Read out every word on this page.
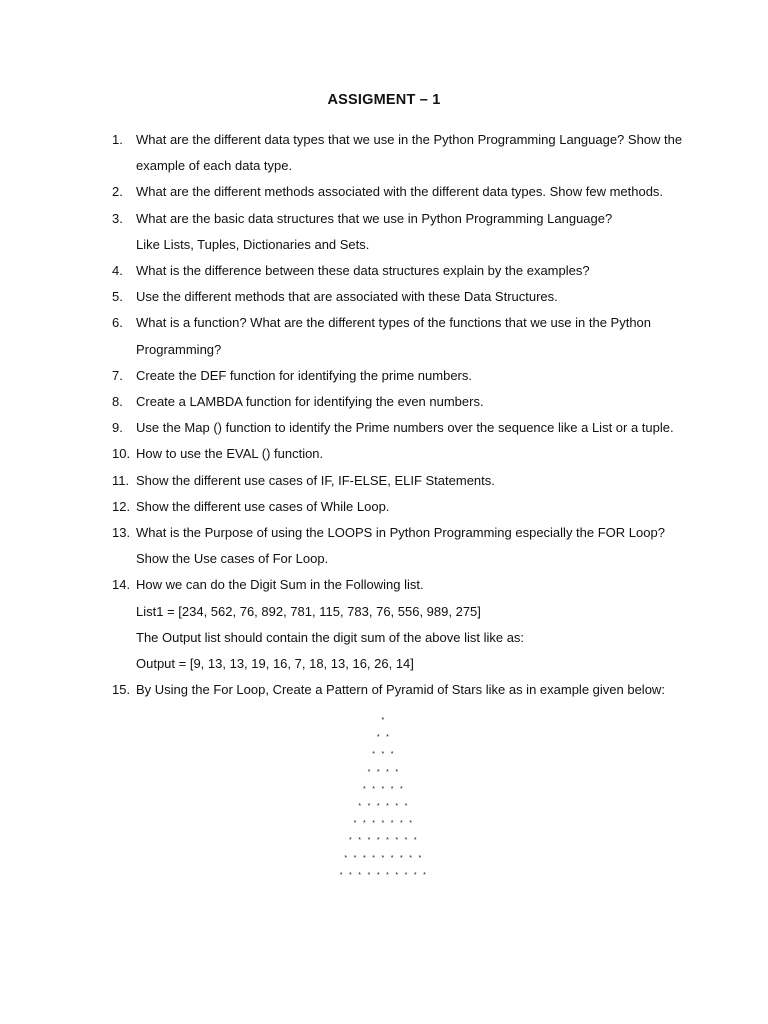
ASSIGMENT – 1
1.	What are the different data types that we use in the Python Programming Language? Show the
example of each data type.
2.	What are the different methods associated with the different data types. Show few methods.
3.	What are the basic data structures that we use in Python Programming Language?
Like Lists, Tuples, Dictionaries and Sets.
4.	What is the difference between these data structures explain by the examples?
5.	Use the different methods that are associated with these Data Structures.
6.	What is a function? What are the different types of the functions that we use in the Python
Programming?
7.	Create the DEF function for identifying the prime numbers.
8.	Create a LAMBDA function for identifying the even numbers.
9.	Use the Map () function to identify the Prime numbers over the sequence like a List or a tuple.
10. How to use the EVAL () function.
11. Show the different use cases of IF, IF-ELSE, ELIF Statements.
12. Show the different use cases of While Loop.
13. What is the Purpose of using the LOOPS in Python Programming especially the FOR Loop?
Show the Use cases of For Loop.
14. How we can do the Digit Sum in the Following list.
List1 = [234, 562, 76, 892, 781, 115, 783, 76, 556, 989, 275]
The Output list should contain the digit sum of the above list like as:
Output = [9, 13, 13, 19, 16, 7, 18, 13, 16, 26, 14]
15. By Using the For Loop, Create a Pattern of Pyramid of Stars like as in example given below:
*
* *
* * *
* * * *
* * * * *
* * * * * *
* * * * * * *
* * * * * * * *
* * * * * * * * *
* * * * * * * * * *
